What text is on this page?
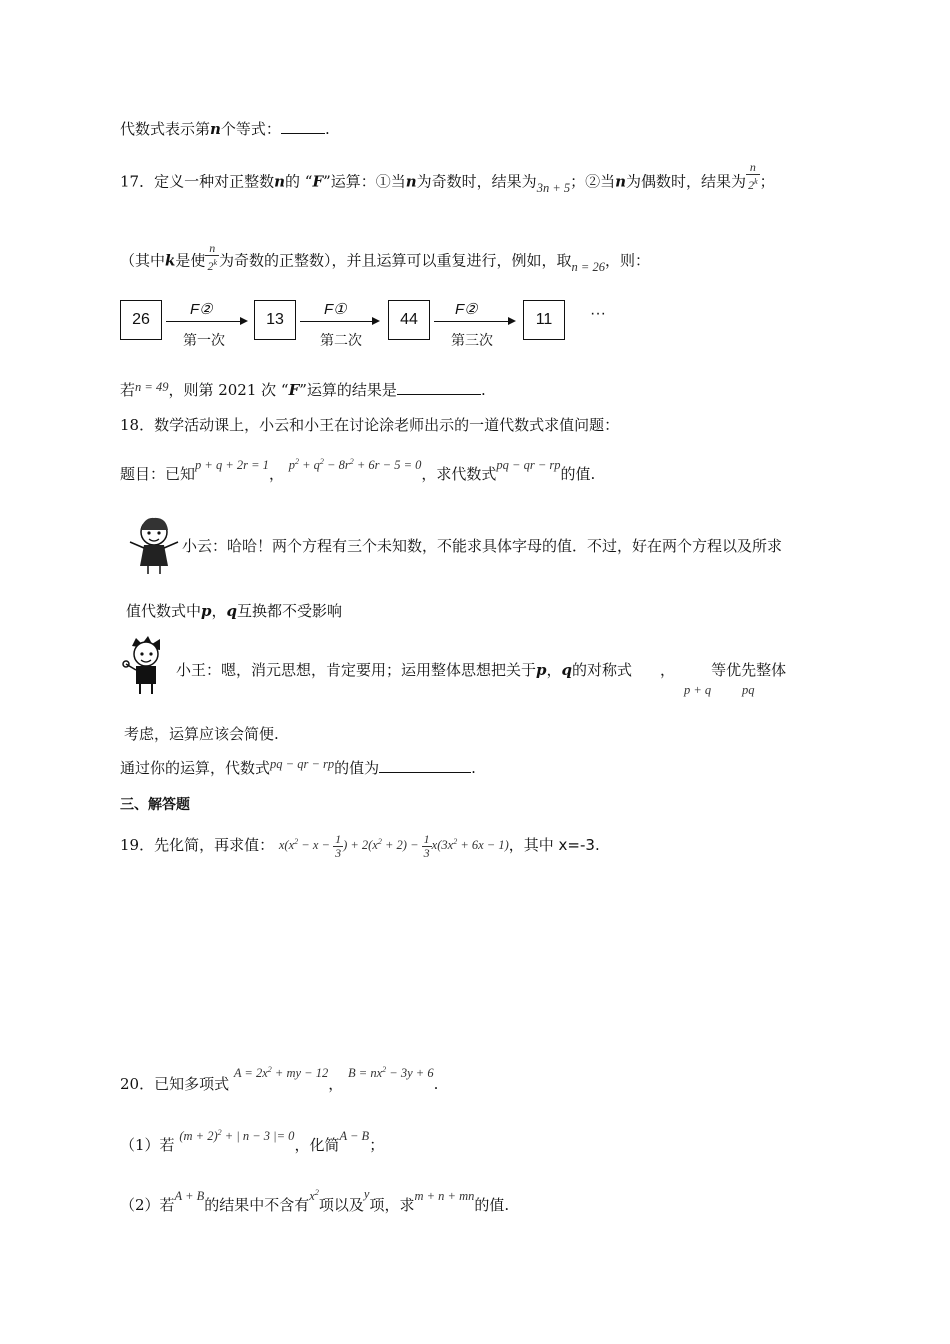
代数式表示第n个等式：	.
17．定义一种对正整数n的 “F”运算：①当n为奇数时，结果为$_{3n + 5}$；②当n为偶数时，结果为 $\frac{n}{2^k}$ ；
（其中k是使 $\frac{n}{2^k}$ 为奇数的正整数），并且运算可以重复进行，例如，取$_{n = 26}$，则：
26
F②
第一次
13
F①
第二次
44
F②
第三次
11	···
若$^{n = 49}$，则第 2021 次 “F”运算的结果是	.
18．数学活动课上，小云和小王在讨论涂老师出示的一道代数式求值问题：
题目：已知$^{p + q + 2r = 1}$， $^{p^2 + q^2 - 8r^2 + 6r - 5 = 0}$，求代数式$^{pq - qr - rp}$的值.
小云：哈哈！两个方程有三个未知数，不能求具体字母的值．不过，好在两个方程以及所求
值代数式中p，q互换都不受影响
小王：嗯，消元思想，肯定要用；运用整体思想把关于p，q的对称式 ， 等优先整体
p + q pq
考虑，运算应该会简便.
通过你的运算，代数式$^{pq - qr - rp}$的值为	.
三、解答题
19．先化简，再求值： $x(x^2 - x - \frac{1}{3}$ ) + $2(x^2 + 2) - \frac{1}{3} x(3x^2 + 6x - 1)$，其中 x=-3.
20．已知多项式 $^{A = 2x^2 + my - 12}$， $^{B = nx^2 - 3y + 6}$.
（1）若 $^{(m + 2)^2 + | n - 3 |= 0}$，化简$^{A - B}$；
（2）若$^{A + B}$的结果中不含有$^{x^2}$项以及$^y$项，求$^{m + n + mn}$的值.
